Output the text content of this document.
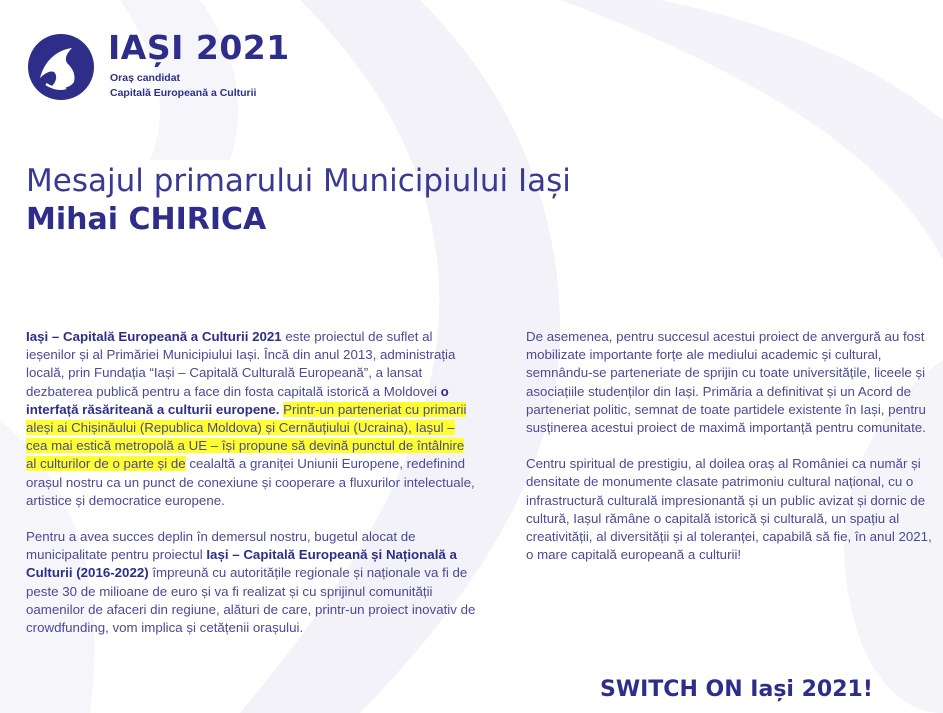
IAȘI 2021
Oraș candidat
Capitală Europeană a Culturii
Mesajul primarului Municipiului Iași
Mihai CHIRICA

Iași – Capitală Europeană a Culturii 2021 este proiectul de suflet al ieșenilor și al Primăriei Municipiului Iași. Încă din anul 2013, administrația locală, prin Fundația “Iași – Capitală Culturală Europeană”, a lansat dezbaterea publică pentru a face din fosta capitală istorică a Moldovei o interfață răsăriteană a culturii europene. Printr-un parteneriat cu primarii aleși ai Chișinăului (Republica Moldova) și Cernăuțiului (Ucraina), Iașul – cea mai estică metropolă a UE – își propune să devină punctul de întâlnire al culturilor de o parte și de cealaltă a graniței Uniunii Europene, redefinind orașul nostru ca un punct de conexiune și cooperare a fluxurilor intelectuale, artistice și democratice europene.

Pentru a avea succes deplin în demersul nostru, bugetul alocat de municipalitate pentru proiectul Iași – Capitală Europeană și Națională a Culturii (2016-2022) împreună cu autoritățile regionale și naționale va fi de peste 30 de milioane de euro și va fi realizat și cu sprijinul comunității oamenilor de afaceri din regiune, alături de care, printr-un proiect inovativ de crowdfunding, vom implica și cetățenii orașului.

De asemenea, pentru succesul acestui proiect de anvergură au fost mobilizate importante forțe ale mediului academic și cultural, semnându-se parteneriate de sprijin cu toate universitățile, liceele și asociațiile studenților din Iași. Primăria a definitivat și un Acord de parteneriat politic, semnat de toate partidele existente în Iași, pentru susținerea acestui proiect de maximă importanță pentru comunitate.

Centru spiritual de prestigiu, al doilea oraș al României ca număr și densitate de monumente clasate patrimoniu cultural național, cu o infrastructură culturală impresionantă și un public avizat și dornic de cultură, Iașul rămâne o capitală istorică și culturală, un spațiu al creativității, al diversității și al toleranței, capabilă să fie, în anul 2021, o mare capitală europeană a culturii!

SWITCH ON Iași 2021!
